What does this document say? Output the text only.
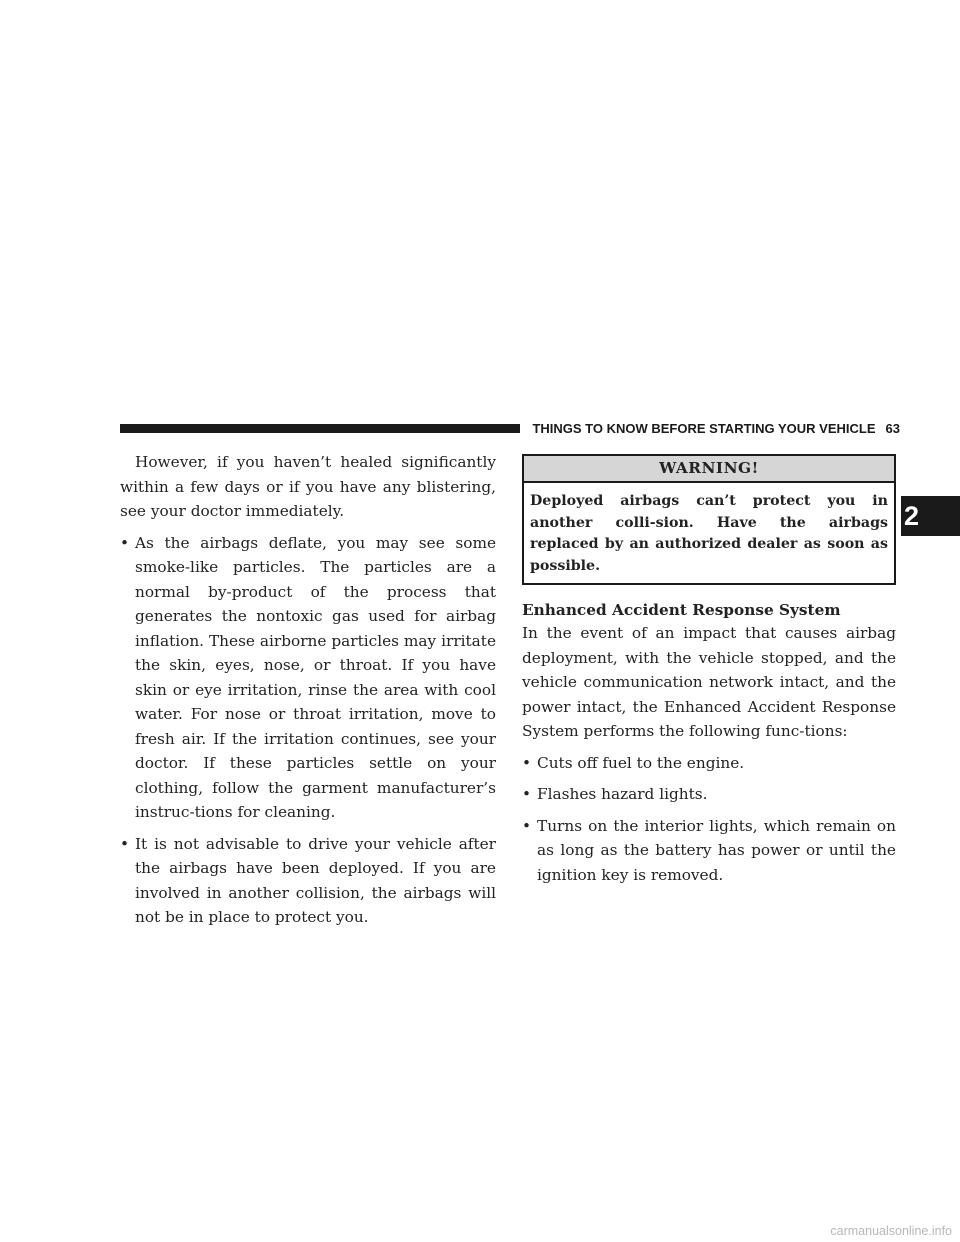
THINGS TO KNOW BEFORE STARTING YOUR VEHICLE 63

However, if you haven’t healed significantly within a few days or if you have any blistering, see your doctor immediately.

• As the airbags deflate, you may see some smoke-like particles. The particles are a normal by-product of the process that generates the nontoxic gas used for airbag inflation. These airborne particles may irritate the skin, eyes, nose, or throat. If you have skin or eye irritation, rinse the area with cool water. For nose or throat irritation, move to fresh air. If the irritation continues, see your doctor. If these particles settle on your clothing, follow the garment manufacturer’s instruc-tions for cleaning.
• It is not advisable to drive your vehicle after the airbags have been deployed. If you are involved in another collision, the airbags will not be in place to protect you.
WARNING!
Deployed airbags can’t protect you in another colli-sion. Have the airbags replaced by an authorized dealer as soon as possible.

Enhanced Accident Response System

In the event of an impact that causes airbag deployment, with the vehicle stopped, and the vehicle communication network intact, and the power intact, the Enhanced Accident Response System performs the following func-tions:

• Cuts off fuel to the engine.
• Flashes hazard lights.
• Turns on the interior lights, which remain on as long as the battery has power or until the ignition key is removed.
2
carmanualsonline.info
